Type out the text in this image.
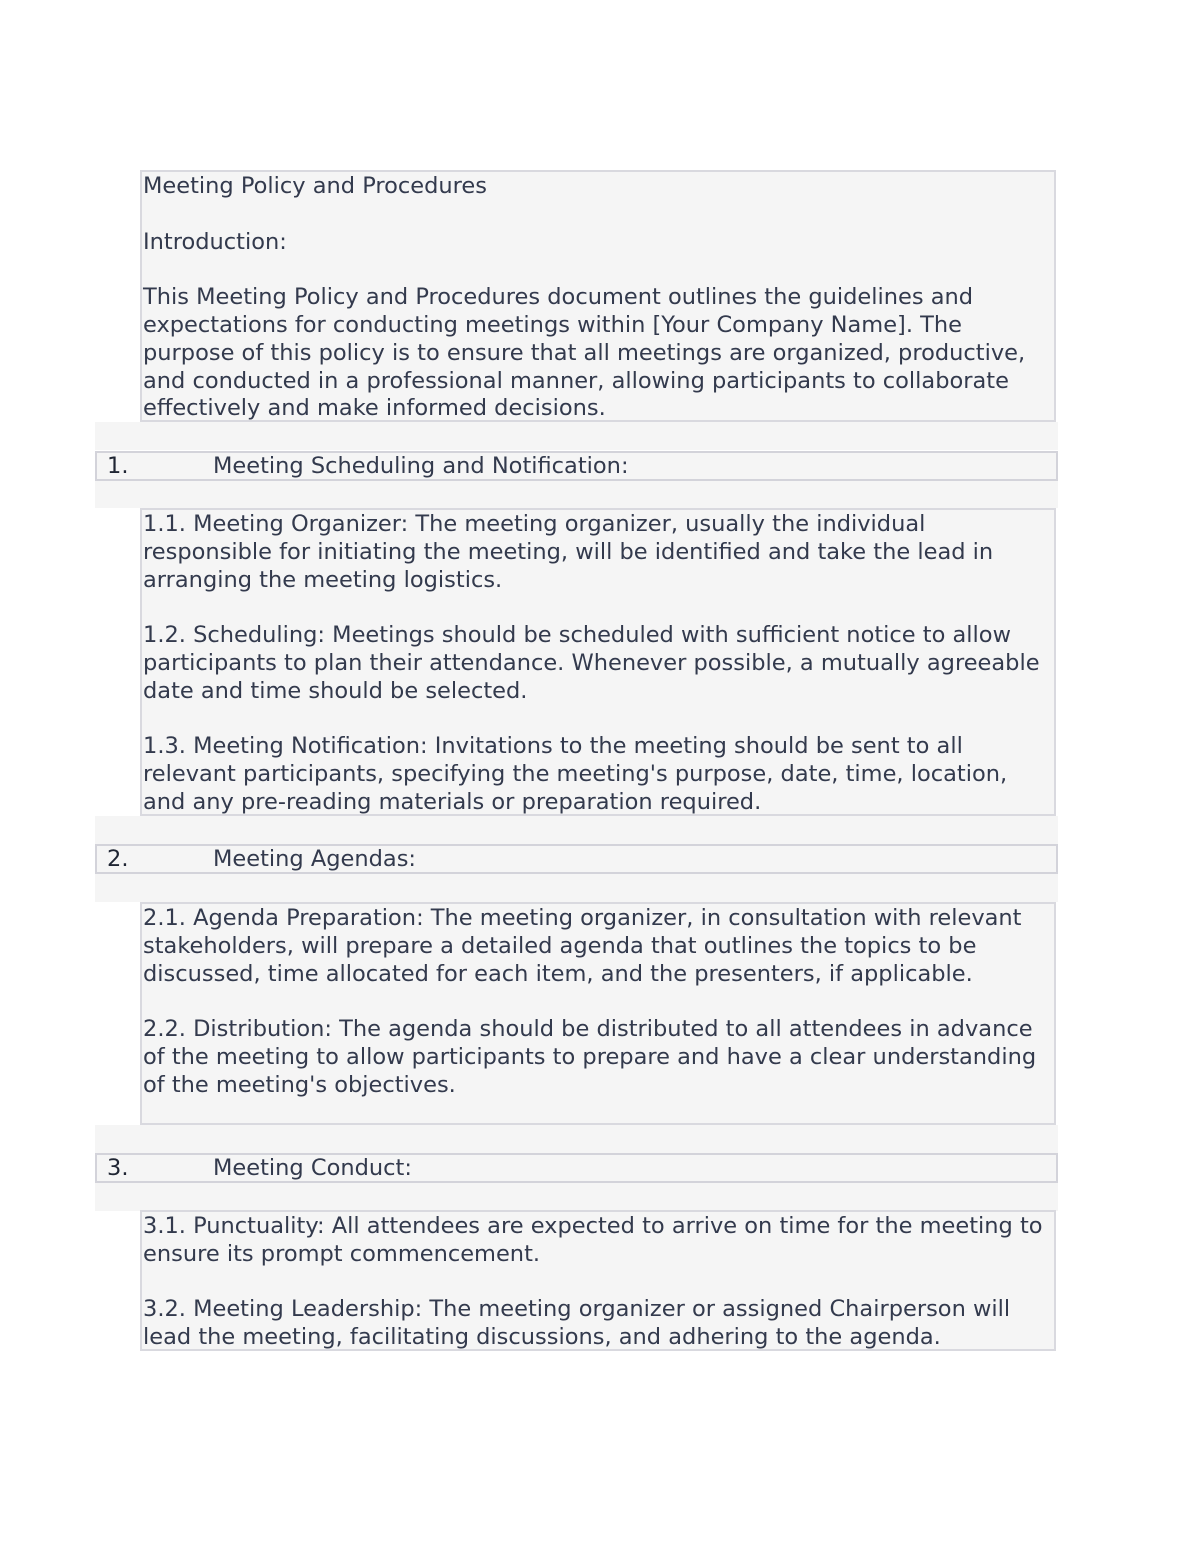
Meeting Policy and Procedures

Introduction:

This Meeting Policy and Procedures document outlines the guidelines and expectations for conducting meetings within [Your Company Name]. The purpose of this policy is to ensure that all meetings are organized, productive, and conducted in a professional manner, allowing participants to collaborate effectively and make informed decisions.

1.	Meeting Scheduling and Notification:

1.1. Meeting Organizer: The meeting organizer, usually the individual responsible for initiating the meeting, will be identified and take the lead in arranging the meeting logistics.

1.2. Scheduling: Meetings should be scheduled with sufficient notice to allow participants to plan their attendance. Whenever possible, a mutually agreeable date and time should be selected.

1.3. Meeting Notification: Invitations to the meeting should be sent to all relevant participants, specifying the meeting's purpose, date, time, location, and any pre-reading materials or preparation required.

2.	Meeting Agendas:

2.1. Agenda Preparation: The meeting organizer, in consultation with relevant stakeholders, will prepare a detailed agenda that outlines the topics to be discussed, time allocated for each item, and the presenters, if applicable.

2.2. Distribution: The agenda should be distributed to all attendees in advance of the meeting to allow participants to prepare and have a clear understanding of the meeting's objectives.

3.	Meeting Conduct:

3.1. Punctuality: All attendees are expected to arrive on time for the meeting to ensure its prompt commencement.

3.2. Meeting Leadership: The meeting organizer or assigned Chairperson will lead the meeting, facilitating discussions, and adhering to the agenda.
